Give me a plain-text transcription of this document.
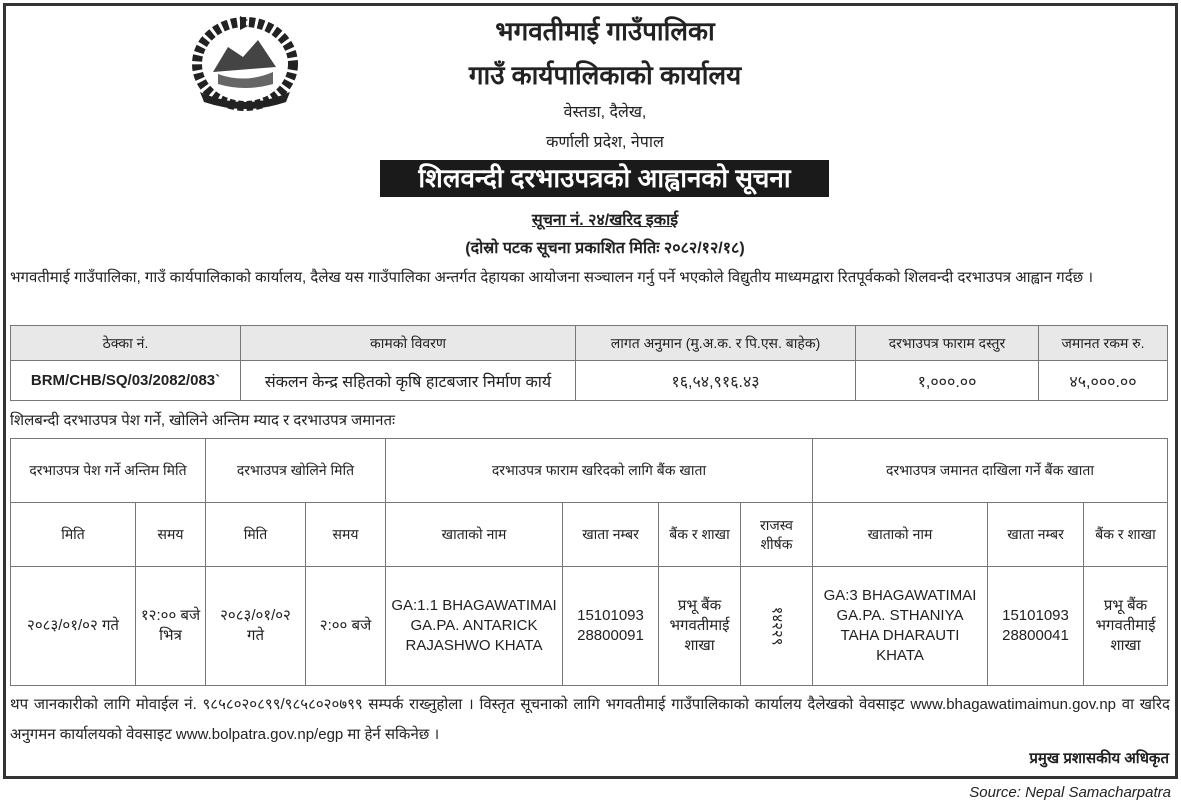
भगवतीमाई गाउँपालिका
गाउँ कार्यपालिकाको कार्यालय
वेस्तडा, दैलेख,
कर्णाली प्रदेश, नेपाल
शिलवन्दी दरभाउपत्रको आह्वानको सूचना
सूचना नं. २४/खरिद इकाई
(दोस्रो पटक सूचना प्रकाशित मितिः २०८२/१२/१८)
भगवतीमाई गाउँपालिका, गाउँ कार्यपालिकाको कार्यालय, दैलेख यस गाउँपालिका अन्तर्गत देहायका आयोजना सञ्चालन गर्नु पर्ने भएकोले विद्युतीय माध्यमद्वारा रितपूर्वकको शिलवन्दी दरभाउपत्र आह्वान गर्दछ ।
ठेक्का नं.	कामको विवरण	लागत अनुमान (मु.अ.क. र पि.एस. बाहेक)	दरभाउपत्र फाराम दस्तुर	जमानत रकम रु.
BRM/CHB/SQ/03/2082/083`	संकलन केन्द्र सहितको कृषि हाटबजार निर्माण कार्य	१६,५४,९१६.४३	१,०००.००	४५,०००.००
शिलबन्दी दरभाउपत्र पेश गर्ने, खोलिने अन्तिम म्याद र दरभाउपत्र जमानतः
दरभाउपत्र पेश गर्ने अन्तिम मिति		दरभाउपत्र खोलिने मिति		दरभाउपत्र फाराम खरिदको लागि बैंक खाता				दरभाउपत्र जमानत दाखिला गर्ने बैंक खाता		
मिति	समय	मिति	समय	खाताको नाम	खाता नम्बर	बैंक र शाखा	राजस्व शीर्षक	खाताको नाम	खाता नम्बर	बैंक र शाखा
२०८३/०१/०२ गते	१२:०० बजे भित्र	२०८३/०१/०२ गते	२:०० बजे	GA:1.1 BHAGAWATIMAI GA.PA. ANTARICK RAJASHWO KHATA	15101093 28800091	प्रभू बैंक भगवतीमाई शाखा	१४२२९	GA:3 BHAGAWATIMAI GA.PA. STHANIYA TAHA DHARAUTI KHATA	15101093 28800041	प्रभू बैंक भगवतीमाई शाखा
थप जानकारीको लागि मोवाईल नं. ९८५८०२०८९९/९८५८०२०७९९ सम्पर्क राख्नुहोला । विस्तृत सूचनाको लागि भगवतीमाई गाउँपालिकाको कार्यालय दैलेखको वेवसाइट www.bhagawatimaimun.gov.np वा खरिद अनुगमन कार्यालयको वेवसाइट www.bolpatra.gov.np/egp मा हेर्न सकिनेछ ।
प्रमुख प्रशासकीय अधिकृत
Source: Nepal Samacharpatra
